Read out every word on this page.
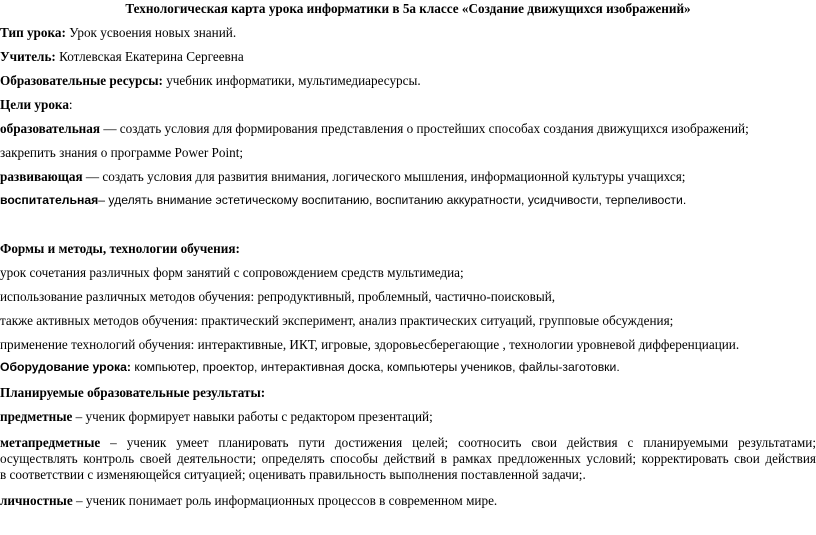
Технологическая карта урока информатики в 5а классе «Создание движущихся изображений»
Тип урока: Урок усвоения новых знаний.
Учитель: Котлевская Екатерина Сергеевна
Образовательные ресурсы: учебник информатики, мультимедиаресурсы.
Цели урока:
образовательная — создать условия для формирования представления о простейших способах создания движущихся изображений;
закрепить знания о программе Power Point;
развивающая — создать условия для развития внимания, логического мышления, информационной культуры учащихся;
воспитательная– уделять внимание эстетическому воспитанию, воспитанию аккуратности, усидчивости, терпеливости.
Формы и методы, технологии обучения:
урок сочетания различных форм занятий с сопровождением средств мультимедиа;
использование различных методов обучения: репродуктивный, проблемный, частично-поисковый,
также активных методов обучения: практический эксперимент, анализ практических ситуаций, групповые обсуждения;
применение технологий обучения: интерактивные, ИКТ, игровые, здоровьесберегающие , технологии уровневой дифференциации.
Оборудование урока: компьютер, проектор, интерактивная доска, компьютеры учеников, файлы-заготовки.
Планируемые образовательные результаты:
предметные – ученик формирует навыки работы с редактором презентаций;
метапредметные – ученик умеет планировать пути достижения целей; соотносить свои действия с планируемыми результатами;
осуществлять контроль своей деятельности; определять способы действий в рамках предложенных условий; корректировать свои действия
в соответствии с изменяющейся ситуацией; оценивать правильность выполнения поставленной задачи;.
личностные – ученик понимает роль информационных процессов в современном мире.
